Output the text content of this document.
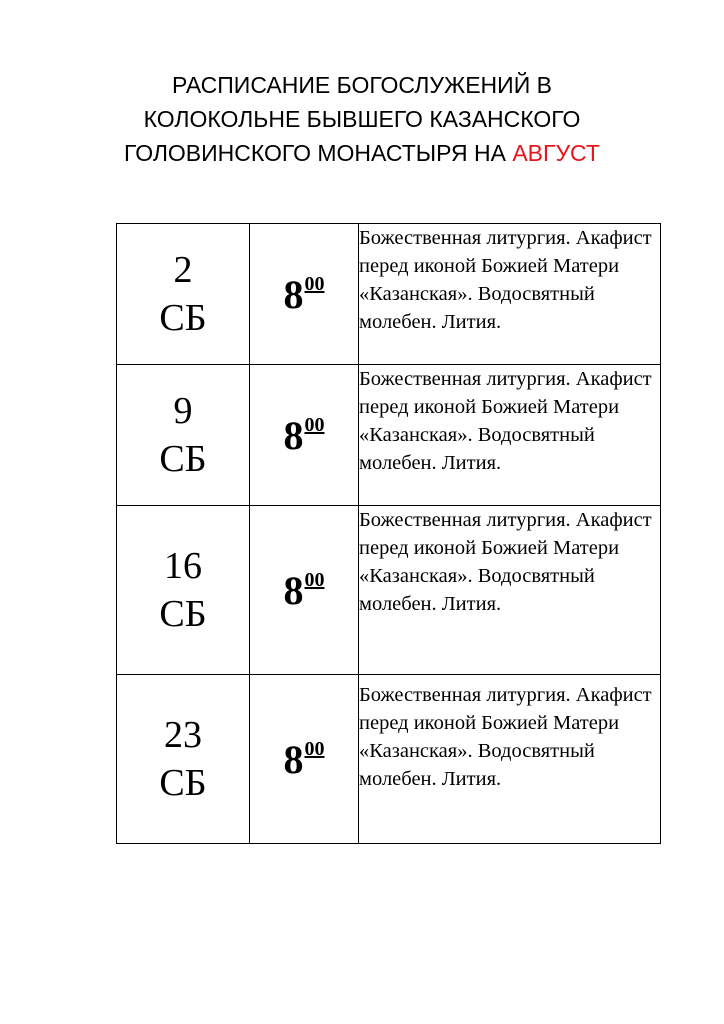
РАСПИСАНИЕ БОГОСЛУЖЕНИЙ В
КОЛОКОЛЬНЕ БЫВШЕГО КАЗАНСКОГО
ГОЛОВИНСКОГО МОНАСТЫРЯ НА АВГУСТ
2
СБ	$8^{00}$	Божественная литургия. Акафист перед иконой Божией Матери «Казанская». Водосвятный молебен. Лития.

9
СБ	$8^{00}$	Божественная литургия. Акафист перед иконой Божией Матери «Казанская». Водосвятный молебен. Лития.

16
СБ	$8^{00}$	Божественная литургия. Акафист перед иконой Божией Матери «Казанская». Водосвятный молебен. Лития.

23
СБ	$8^{00}$	Божественная литургия. Акафист перед иконой Божией Матери «Казанская». Водосвятный молебен. Лития.
